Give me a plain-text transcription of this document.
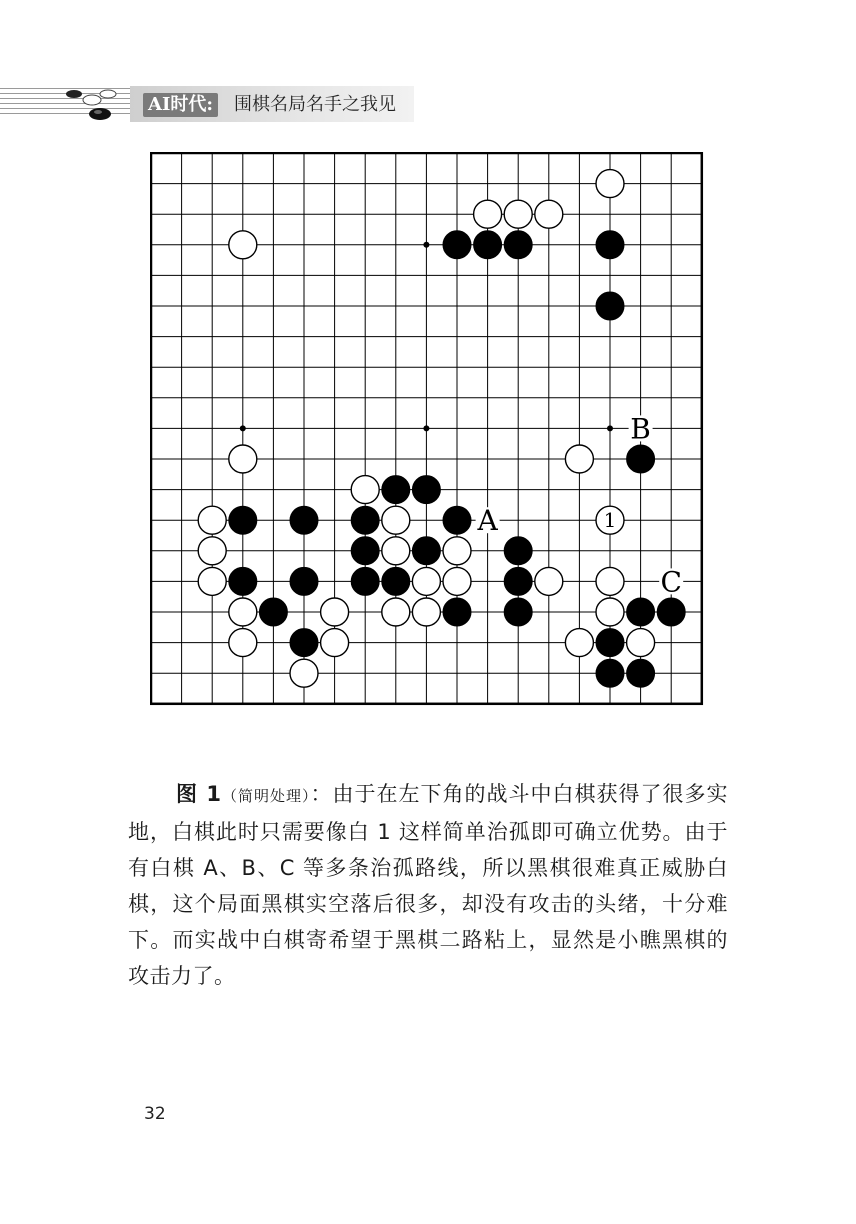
AI时代: 围棋名局名手之我见
A
B
C
1
图 1（简明处理）：由于在左下角的战斗中白棋获得了很多实地，白棋此时只需要像白 1 这样简单治孤即可确立优势。由于有白棋 A、B、C 等多条治孤路线，所以黑棋很难真正威胁白棋，这个局面黑棋实空落后很多，却没有攻击的头绪，十分难下。而实战中白棋寄希望于黑棋二路粘上，显然是小瞧黑棋的攻击力了。
32
